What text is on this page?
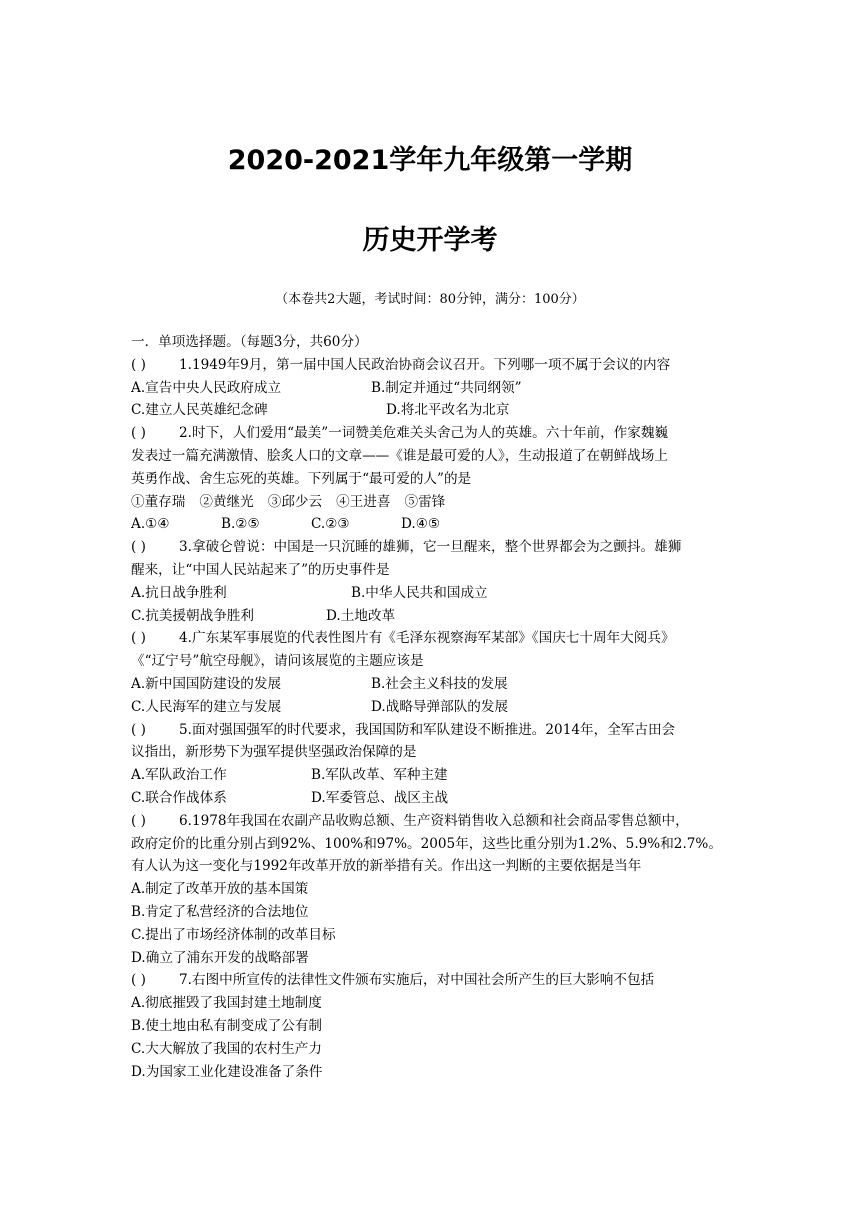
2020-2021学年九年级第一学期
历史开学考
（本卷共2大题，考试时间：80分钟，满分：100分）
一．单项选择题。（每题3分，共60分）
( ) 1.1949年9月，第一届中国人民政治协商会议召开。下列哪一项不属于会议的内容
A.宣告中央人民政府成立	B.制定并通过“共同纲领”
C.建立人民英雄纪念碑	D.将北平改名为北京
( ) 2.时下，人们爱用“最美”一词赞美危难关头舍己为人的英雄。六十年前，作家魏巍
发表过一篇充满激情、脍炙人口的文章——《谁是最可爱的人》，生动报道了在朝鲜战场上
英勇作战、舍生忘死的英雄。下列属于“最可爱的人”的是
①董存瑞 ②黄继光 ③邱少云 ④王进喜 ⑤雷锋
A.①④	B.②⑤	C.②③	D.④⑤
( ) 3.拿破仑曾说：中国是一只沉睡的雄狮，它一旦醒来，整个世界都会为之颤抖。雄狮
醒来，让“中国人民站起来了”的历史事件是
A.抗日战争胜利	B.中华人民共和国成立
C.抗美援朝战争胜利	D.土地改革
( ) 4.广东某军事展览的代表性图片有《毛泽东视察海军某部》《国庆七十周年大阅兵》
《“辽宁号”航空母舰》，请问该展览的主题应该是
A.新中国国防建设的发展	B.社会主义科技的发展
C.人民海军的建立与发展	D.战略导弹部队的发展
( ) 5.面对强国强军的时代要求，我国国防和军队建设不断推进。2014年，全军古田会
议指出，新形势下为强军提供坚强政治保障的是
A.军队政治工作	B.军队改革、军种主建
C.联合作战体系	D.军委管总、战区主战
( ) 6.1978年我国在农副产品收购总额、生产资料销售收入总额和社会商品零售总额中，
政府定价的比重分别占到92%、100%和97%。2005年，这些比重分别为1.2%、5.9%和2.7%。
有人认为这一变化与1992年改革开放的新举措有关。作出这一判断的主要依据是当年
A.制定了改革开放的基本国策
B.肯定了私营经济的合法地位
C.提出了市场经济体制的改革目标
D.确立了浦东开发的战略部署
( ) 7.右图中所宣传的法律性文件颁布实施后，对中国社会所产生的巨大影响不包括
A.彻底摧毁了我国封建土地制度
B.使土地由私有制变成了公有制
C.大大解放了我国的农村生产力
D.为国家工业化建设准备了条件
